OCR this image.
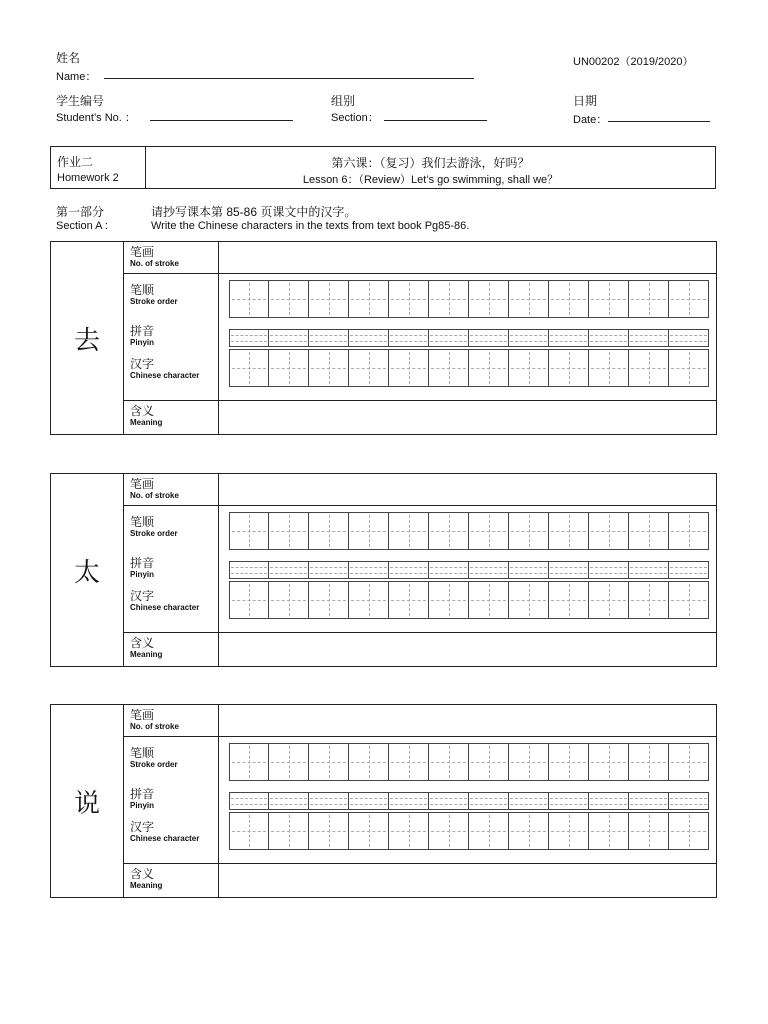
姓名
Name：
UN00202（2019/2020）
学生编号
Student’s No. ：
组别
Section：
日期
Date：
作业二
Homework 2
第六课：（复习）我们去游泳，好吗？
Lesson 6：（Review）Let’s go swimming, shall we？
第一部分
Section A :
请抄写课本第 85-86 页课文中的汉字。
Write the Chinese characters in the texts from text book Pg85-86.
去
笔画
No. of stroke
笔顺
Stroke order
拼音
Pinyin
汉字
Chinese character
含义
Meaning
太
笔画
No. of stroke
笔顺
Stroke order
拼音
Pinyin
汉字
Chinese character
含义
Meaning
说
笔画
No. of stroke
笔顺
Stroke order
拼音
Pinyin
汉字
Chinese character
含义
Meaning
